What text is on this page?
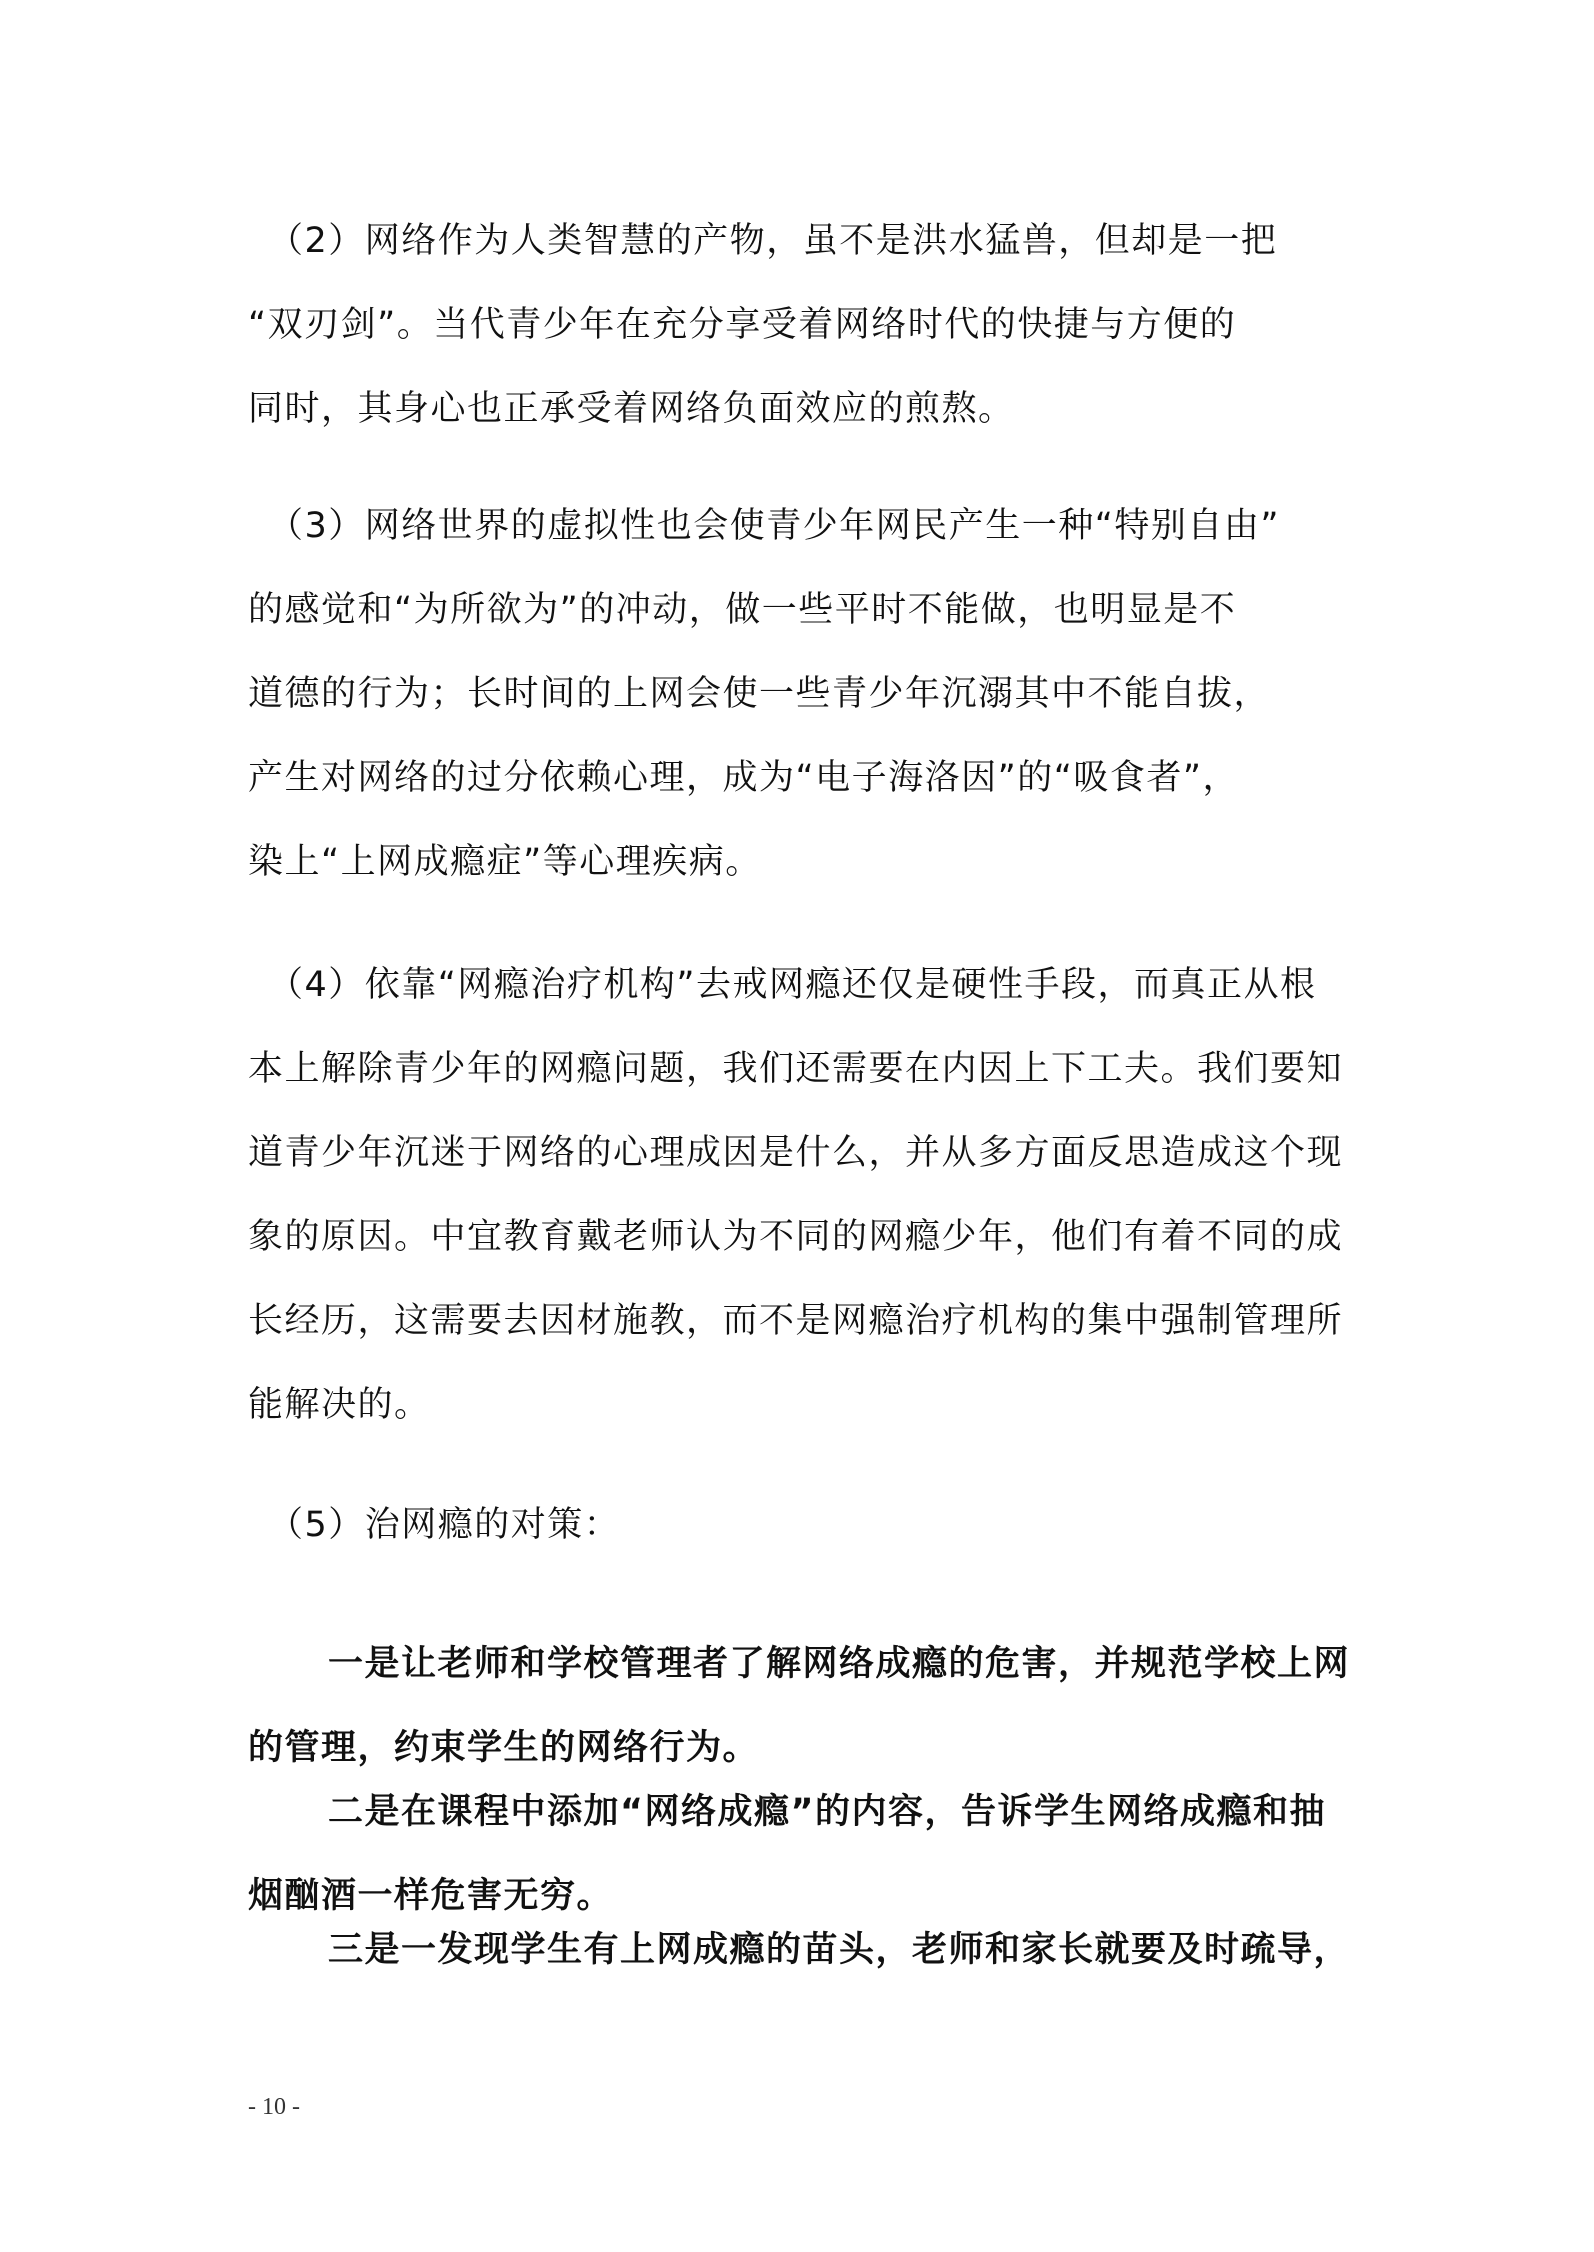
（2）网络作为人类智慧的产物，虽不是洪水猛兽，但却是一把
“双刃剑”。当代青少年在充分享受着网络时代的快捷与方便的
同时，其身心也正承受着网络负面效应的煎熬。
（3）网络世界的虚拟性也会使青少年网民产生一种“特别自由”
的感觉和“为所欲为”的冲动，做一些平时不能做，也明显是不
道德的行为；长时间的上网会使一些青少年沉溺其中不能自拔，
产生对网络的过分依赖心理，成为“电子海洛因”的“吸食者”，
染上“上网成瘾症”等心理疾病。
（4）依靠“网瘾治疗机构”去戒网瘾还仅是硬性手段，而真正从根
本上解除青少年的网瘾问题，我们还需要在内因上下工夫。我们要知
道青少年沉迷于网络的心理成因是什么，并从多方面反思造成这个现
象的原因。中宜教育戴老师认为不同的网瘾少年，他们有着不同的成
长经历，这需要去因材施教，而不是网瘾治疗机构的集中强制管理所
能解决的。
（5）治网瘾的对策：
一是让老师和学校管理者了解网络成瘾的危害，并规范学校上网
的管理，约束学生的网络行为。
二是在课程中添加“网络成瘾”的内容，告诉学生网络成瘾和抽
烟酗酒一样危害无穷。
三是一发现学生有上网成瘾的苗头，老师和家长就要及时疏导，
- 10 -
